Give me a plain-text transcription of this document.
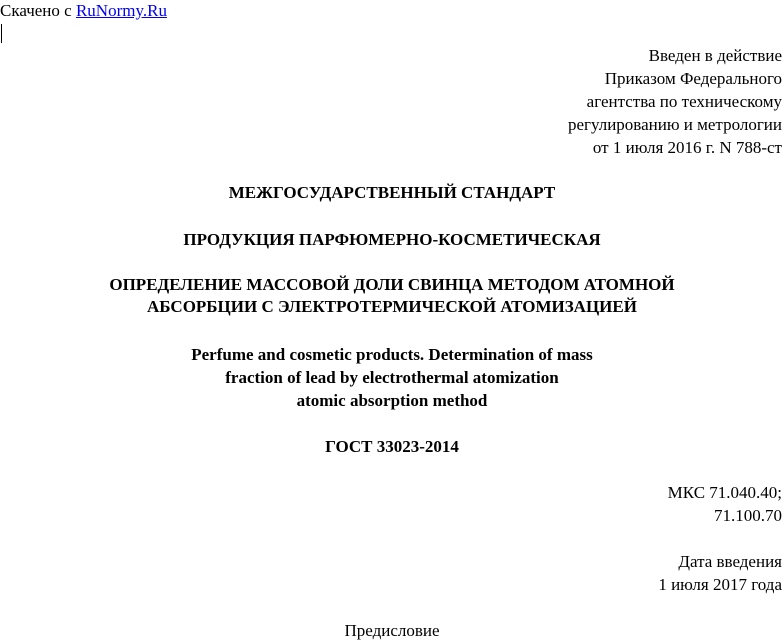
Скачено с RuNormy.Ru
Введен в действие
Приказом Федерального
агентства по техническому
регулированию и метрологии
от 1 июля 2016 г. N 788-ст
МЕЖГОСУДАРСТВЕННЫЙ СТАНДАРТ
ПРОДУКЦИЯ ПАРФЮМЕРНО-КОСМЕТИЧЕСКАЯ
ОПРЕДЕЛЕНИЕ МАССОВОЙ ДОЛИ СВИНЦА МЕТОДОМ АТОМНОЙ
АБСОРБЦИИ С ЭЛЕКТРОТЕРМИЧЕСКОЙ АТОМИЗАЦИЕЙ
Perfume and cosmetic products. Determination of mass
fraction of lead by electrothermal atomization
atomic absorption method
ГОСТ 33023-2014
МКС 71.040.40;
71.100.70
Дата введения
1 июля 2017 года
Предисловие
